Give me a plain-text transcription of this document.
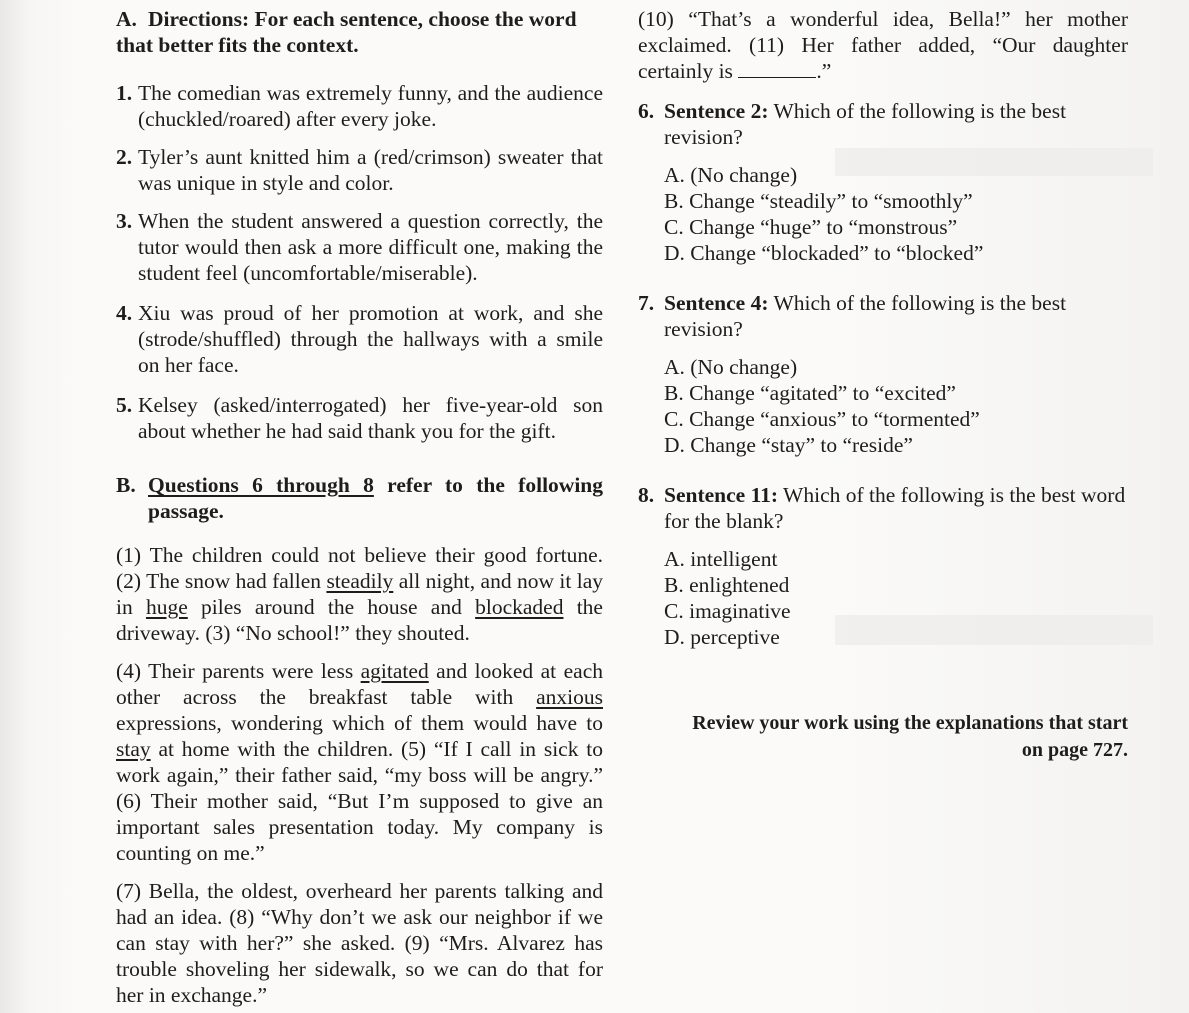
A. Directions: For each sentence, choose the word that better fits the context.
1. The comedian was extremely funny, and the audience (chuckled/roared) after every joke.
2. Tyler’s aunt knitted him a (red/crimson) sweater that was unique in style and color.
3. When the student answered a question correctly, the tutor would then ask a more difficult one, making the student feel (uncomfortable/miserable).
4. Xiu was proud of her promotion at work, and she (strode/shuffled) through the hallways with a smile on her face.
5. Kelsey (asked/interrogated) her five-year-old son about whether he had said thank you for the gift.
B. Questions 6 through 8 refer to the following passage.

(1) The children could not believe their good fortune. (2) The snow had fallen steadily all night, and now it lay in huge piles around the house and blockaded the driveway. (3) “No school!” they shouted.

(4) Their parents were less agitated and looked at each other across the breakfast table with anxious expressions, wondering which of them would have to stay at home with the children. (5) “If I call in sick to work again,” their father said, “my boss will be angry.” (6) Their mother said, “But I’m supposed to give an important sales presentation today. My company is counting on me.”

(7) Bella, the oldest, overheard her parents talking and had an idea. (8) “Why don’t we ask our neighbor if we can stay with her?” she asked. (9) “Mrs. Alvarez has trouble shoveling her sidewalk, so we can do that for her in exchange.”

(10) “That’s a wonderful idea, Bella!” her mother exclaimed. (11) Her father added, “Our daughter certainly is	.”

6. Sentence 2: Which of the following is the best revision?
A. (No change)
B. Change “steadily” to “smoothly”
C. Change “huge” to “monstrous”
D. Change “blockaded” to “blocked”
7. Sentence 4: Which of the following is the best revision?
A. (No change)
B. Change “agitated” to “excited”
C. Change “anxious” to “tormented”
D. Change “stay” to “reside”
8. Sentence 11: Which of the following is the best word for the blank?
A. intelligent
B. enlightened
C. imaginative
D. perceptive
Review your work using the explanations that start on page 727.
